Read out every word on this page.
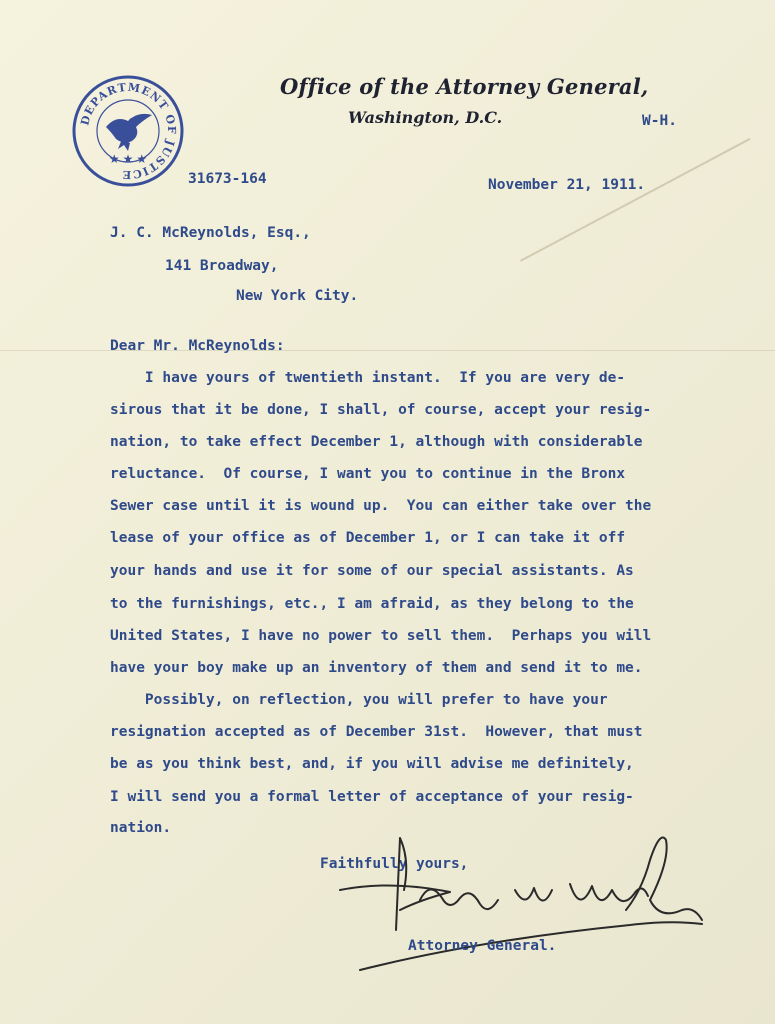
DEPARTMENT OF JUSTICE
★ ★ ★
Office of the Attorney General,
Washington, D.C.	W-H.
31673-164	November 21, 1911.
J. C. McReynolds, Esq.,
141 Broadway,
New York City.
Dear Mr. McReynolds:
I have yours of twentieth instant.  If you are very de-
sirous that it be done, I shall, of course, accept your resig-
nation, to take effect December 1, although with considerable
reluctance.  Of course, I want you to continue in the Bronx
Sewer case until it is wound up.  You can either take over the
lease of your office as of December 1, or I can take it off
your hands and use it for some of our special assistants. As
to the furnishings, etc., I am afraid, as they belong to the
United States, I have no power to sell them.  Perhaps you will
have your boy make up an inventory of them and send it to me.
Possibly, on reflection, you will prefer to have your
resignation accepted as of December 31st.  However, that must
be as you think best, and, if you will advise me definitely,
I will send you a formal letter of acceptance of your resig-
nation.
Faithfully yours,
Attorney General.
